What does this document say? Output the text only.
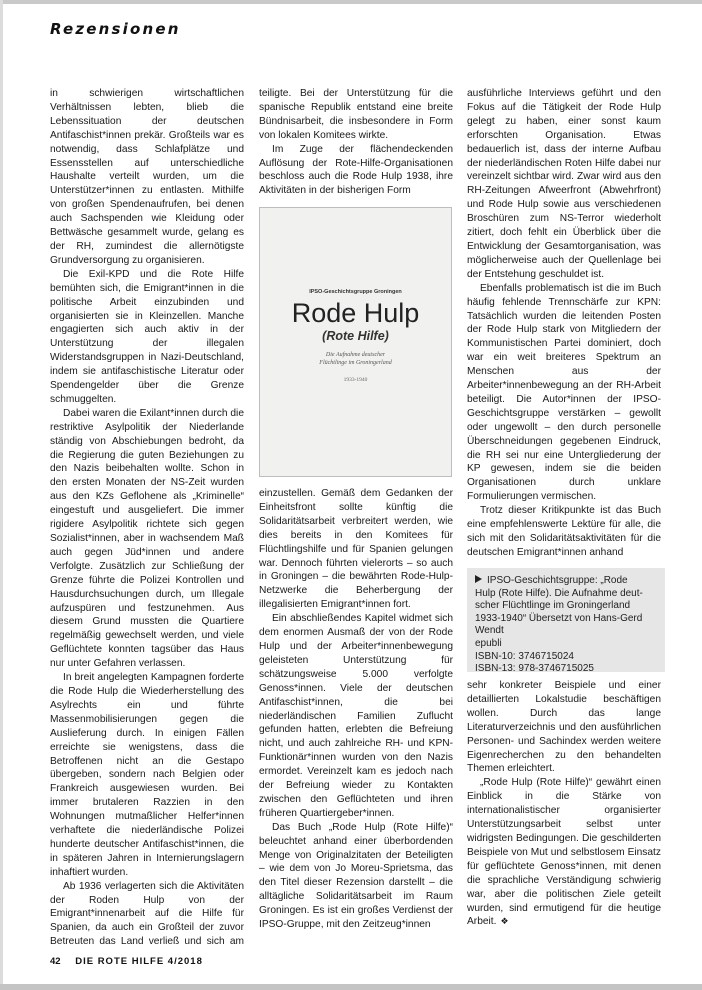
Rezensionen

in schwierigen wirtschaftlichen Verhältnissen lebten, blieb die Lebenssituation der deutschen Antifaschist*innen prekär. Großteils war es notwendig, dass Schlafplätze und Essensstellen auf unterschiedliche Haushalte verteilt wurden, um die Unterstützer*innen zu entlasten. Mithilfe von großen Spendenaufrufen, bei denen auch Sachspenden wie Kleidung oder Bettwäsche gesammelt wurde, gelang es der RH, zumindest die allernötigste Grundversorgung zu organisieren.

Die Exil-KPD und die Rote Hilfe bemühten sich, die Emigrant*innen in die politische Arbeit einzubinden und organisierten sie in Kleinzellen. Manche engagierten sich auch aktiv in der Unterstützung der illegalen Widerstandsgruppen in Nazi-Deutschland, indem sie antifaschistische Literatur oder Spendengelder über die Grenze schmuggelten.

Dabei waren die Exilant*innen durch die restriktive Asylpolitik der Niederlande ständig von Abschiebungen bedroht, da die Regierung die guten Beziehungen zu den Nazis beibehalten wollte. Schon in den ersten Monaten der NS-Zeit wurden aus den KZs Geflohene als „Kriminelle“ eingestuft und ausgeliefert. Die immer rigidere Asylpolitik richtete sich gegen Sozialist*innen, aber in wachsendem Maß auch gegen Jüd*innen und andere Verfolgte. Zusätzlich zur Schließung der Grenze führte die Polizei Kontrollen und Hausdurchsuchungen durch, um Illegale aufzuspüren und festzunehmen. Aus diesem Grund mussten die Quartiere regelmäßig gewechselt werden, und viele Geflüchtete konnten tagsüber das Haus nur unter Gefahren verlassen.

In breit angelegten Kampagnen forderte die Rode Hulp die Wiederherstellung des Asylrechts ein und führte Massenmobilisierungen gegen die Auslieferung durch. In einigen Fällen erreichte sie wenigstens, dass die Betroffenen nicht an die Gestapo übergeben, sondern nach Belgien oder Frankreich ausgewiesen wurden. Bei immer brutaleren Razzien in den Wohnungen mutmaßlicher Helfer*innen verhaftete die niederländische Polizei hunderte deutscher Antifaschist*innen, die in späteren Jahren in Internierungslagern inhaftiert wurden.

Ab 1936 verlagerten sich die Aktivitäten der Roden Hulp von der Emigrant*innenarbeit auf die Hilfe für Spanien, da auch ein Großteil der zuvor Betreuten das Land verließ und sich am

teiligte. Bei der Unterstützung für die spanische Republik entstand eine breite Bündnisarbeit, die insbesondere in Form von lokalen Komitees wirkte.

Im Zuge der flächendeckenden Auflösung der Rote-Hilfe-Organisationen beschloss auch die Rode Hulp 1938, ihre Aktivitäten in der bisherigen Form

IPSO-Geschichtsgruppe Groningen
Rode Hulp
(Rote Hilfe)
Die Aufnahme deutscher
Flüchtlinge im Groningerland
1933-1940

einzustellen. Gemäß dem Gedanken der Einheitsfront sollte künftig die Solidaritätsarbeit verbreitert werden, wie dies bereits in den Komitees für Flüchtlingshilfe und für Spanien gelungen war. Dennoch führten vielerorts – so auch in Groningen – die bewährten Rode-Hulp-Netzwerke die Beherbergung der illegalisierten Emigrant*innen fort.

Ein abschließendes Kapitel widmet sich dem enormen Ausmaß der von der Rode Hulp und der Arbeiter*innenbewegung geleisteten Unterstützung für schätzungsweise 5.000 verfolgte Genoss*innen. Viele der deutschen Antifaschist*innen, die bei niederländischen Familien Zuflucht gefunden hatten, erlebten die Befreiung nicht, und auch zahlreiche RH- und KPN-Funktionär*innen wurden von den Nazis ermordet. Vereinzelt kam es jedoch nach der Befreiung wieder zu Kontakten zwischen den Geflüchteten und ihren früheren Quartiergeber*innen.

Das Buch „Rode Hulp (Rote Hilfe)“ beleuchtet anhand einer überbordenden Menge von Originalzitaten der Beteiligten – wie dem von Jo Moreu-Sprietsma, das den Titel dieser Rezension darstellt – die alltägliche Solidaritätsarbeit im Raum Groningen. Es ist ein großes Verdienst der IPSO-Gruppe, mit den Zeitzeug*innen

ausführliche Interviews geführt und den Fokus auf die Tätigkeit der Rode Hulp gelegt zu haben, einer sonst kaum erforschten Organisation. Etwas bedauerlich ist, dass der interne Aufbau der niederländischen Roten Hilfe dabei nur vereinzelt sichtbar wird. Zwar wird aus den RH-Zeitungen Afweerfront (Abwehrfront) und Rode Hulp sowie aus verschiedenen Broschüren zum NS-Terror wiederholt zitiert, doch fehlt ein Überblick über die Entwicklung der Gesamtorganisation, was möglicherweise auch der Quellenlage bei der Entstehung geschuldet ist.

Ebenfalls problematisch ist die im Buch häufig fehlende Trennschärfe zur KPN: Tatsächlich wurden die leitenden Posten der Rode Hulp stark von Mitgliedern der Kommunistischen Partei dominiert, doch war ein weit breiteres Spektrum an Menschen aus der Arbeiter*innenbewegung an der RH-Arbeit beteiligt. Die Autor*innen der IPSO-Geschichtsgruppe verstärken – gewollt oder ungewollt – den durch personelle Überschneidungen gegebenen Eindruck, die RH sei nur eine Untergliederung der KP gewesen, indem sie die beiden Organisationen durch unklare Formulierungen vermischen.

Trotz dieser Kritikpunkte ist das Buch eine empfehlenswerte Lektüre für alle, die sich mit den Solidaritätsaktivitäten für die deutschen Emigrant*innen anhand

IPSO-Geschichtsgruppe: „Rode
Hulp (Rote Hilfe). Die Aufnahme deut-
scher Flüchtlinge im Groningerland
1933-1940“ Übersetzt von Hans-Gerd
Wendt
epubli
ISBN-10: 3746715024
ISBN-13: 978-3746715025

sehr konkreter Beispiele und einer detaillierten Lokalstudie beschäftigen wollen. Durch das lange Literaturverzeichnis und den ausführlichen Personen- und Sachindex werden weitere Eigenrecherchen zu den behandelten Themen erleichtert.

„Rode Hulp (Rote Hilfe)“ gewährt einen Einblick in die Stärke von internationalistischer organisierter Unterstützungsarbeit selbst unter widrigsten Bedingungen. Die geschilderten Beispiele von Mut und selbstlosem Einsatz für geflüchtete Genoss*innen, mit denen die sprachliche Verständigung schwierig war, aber die politischen Ziele geteilt wurden, sind ermutigend für die heutige Arbeit. ❖

42 DIE ROTE HILFE 4/2018
